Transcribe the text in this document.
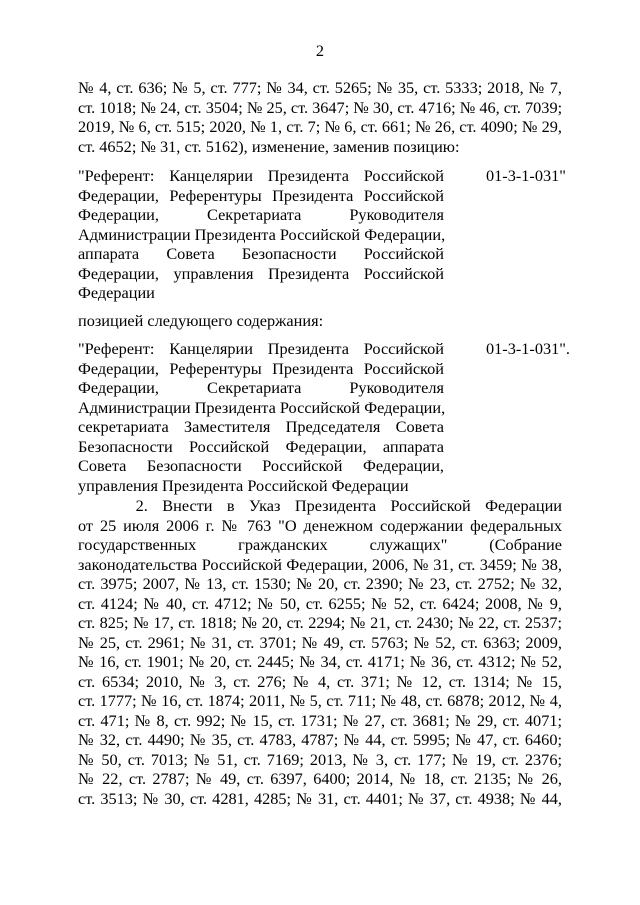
2
№ 4, ст. 636; № 5, ст. 777; № 34, ст. 5265; № 35, ст. 5333; 2018, № 7,
ст. 1018; № 24, ст. 3504; № 25, ст. 3647; № 30, ст. 4716; № 46, ст. 7039;
2019, № 6, ст. 515; 2020, № 1, ст. 7; № 6, ст. 661; № 26, ст. 4090; № 29,
ст. 4652; № 31, ст. 5162), изменение, заменив позицию:
"Референт: Канцелярии Президента Российской
Федерации, Референтуры Президента Российской
Федерации, Секретариата Руководителя
Администрации Президента Российской Федерации,
аппарата Совета Безопасности Российской
Федерации, управления Президента Российской
Федерации
01-3-1-031"
позицией следующего содержания:
"Референт: Канцелярии Президента Российской
Федерации, Референтуры Президента Российской
Федерации, Секретариата Руководителя
Администрации Президента Российской Федерации,
секретариата Заместителя Председателя Совета
Безопасности Российской Федерации, аппарата
Совета Безопасности Российской Федерации,
управления Президента Российской Федерации
01-3-1-031".
2. Внести в Указ Президента Российской Федерации
от 25 июля 2006 г. № 763 "О денежном содержании федеральных
государственных гражданских служащих" (Собрание
законодательства Российской Федерации, 2006, № 31, ст. 3459; № 38,
ст. 3975; 2007, № 13, ст. 1530; № 20, ст. 2390; № 23, ст. 2752; № 32,
ст. 4124; № 40, ст. 4712; № 50, ст. 6255; № 52, ст. 6424; 2008, № 9,
ст. 825; № 17, ст. 1818; № 20, ст. 2294; № 21, ст. 2430; № 22, ст. 2537;
№ 25, ст. 2961; № 31, ст. 3701; № 49, ст. 5763; № 52, ст. 6363; 2009,
№ 16, ст. 1901; № 20, ст. 2445; № 34, ст. 4171; № 36, ст. 4312; № 52,
ст. 6534; 2010, № 3, ст. 276; № 4, ст. 371; № 12, ст. 1314; № 15,
ст. 1777; № 16, ст. 1874; 2011, № 5, ст. 711; № 48, ст. 6878; 2012, № 4,
ст. 471; № 8, ст. 992; № 15, ст. 1731; № 27, ст. 3681; № 29, ст. 4071;
№ 32, ст. 4490; № 35, ст. 4783, 4787; № 44, ст. 5995; № 47, ст. 6460;
№ 50, ст. 7013; № 51, ст. 7169; 2013, № 3, ст. 177; № 19, ст. 2376;
№ 22, ст. 2787; № 49, ст. 6397, 6400; 2014, № 18, ст. 2135; № 26,
ст. 3513; № 30, ст. 4281, 4285; № 31, ст. 4401; № 37, ст. 4938; № 44,
